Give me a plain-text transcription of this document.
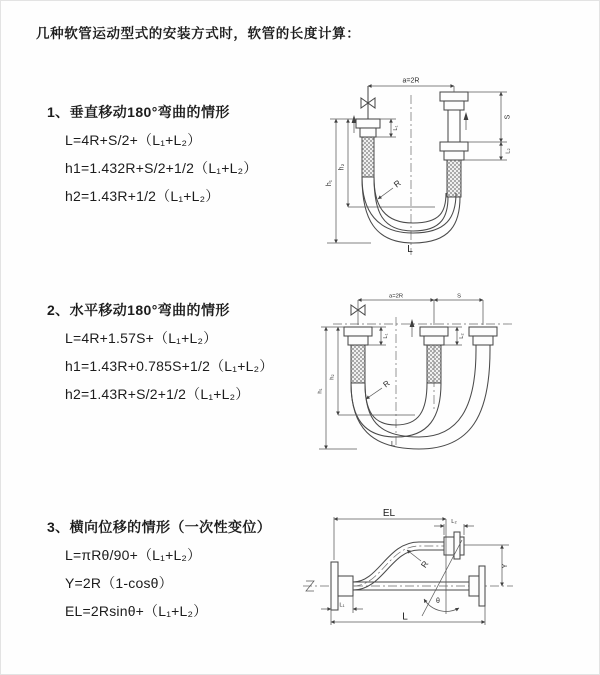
几种软管运动型式的安装方式时，软管的长度计算：
1、垂直移动180°弯曲的情形
L=4R+S/2+（L₁+L₂）
h1=1.432R+S/2+1/2（L₁+L₂）
h2=1.43R+1/2（L₁+L₂）
2、水平移动180°弯曲的情形
L=4R+1.57S+（L₁+L₂）
h1=1.43R+0.785S+1/2（L₁+L₂）
h2=1.43R+S/2+1/2（L₁+L₂）
3、横向位移的情形（一次性变位）
L=πRθ/90+（L₁+L₂）
Y=2R（1-cosθ）
EL=2Rsinθ+（L₁+L₂）
a=2R
h₁
h₂
L₁
S
L₂
R
L
a=2R	S
h₁
h₂
L₁	L₂
R
L
EL
L₂
Y
R
θ
L₁
L
